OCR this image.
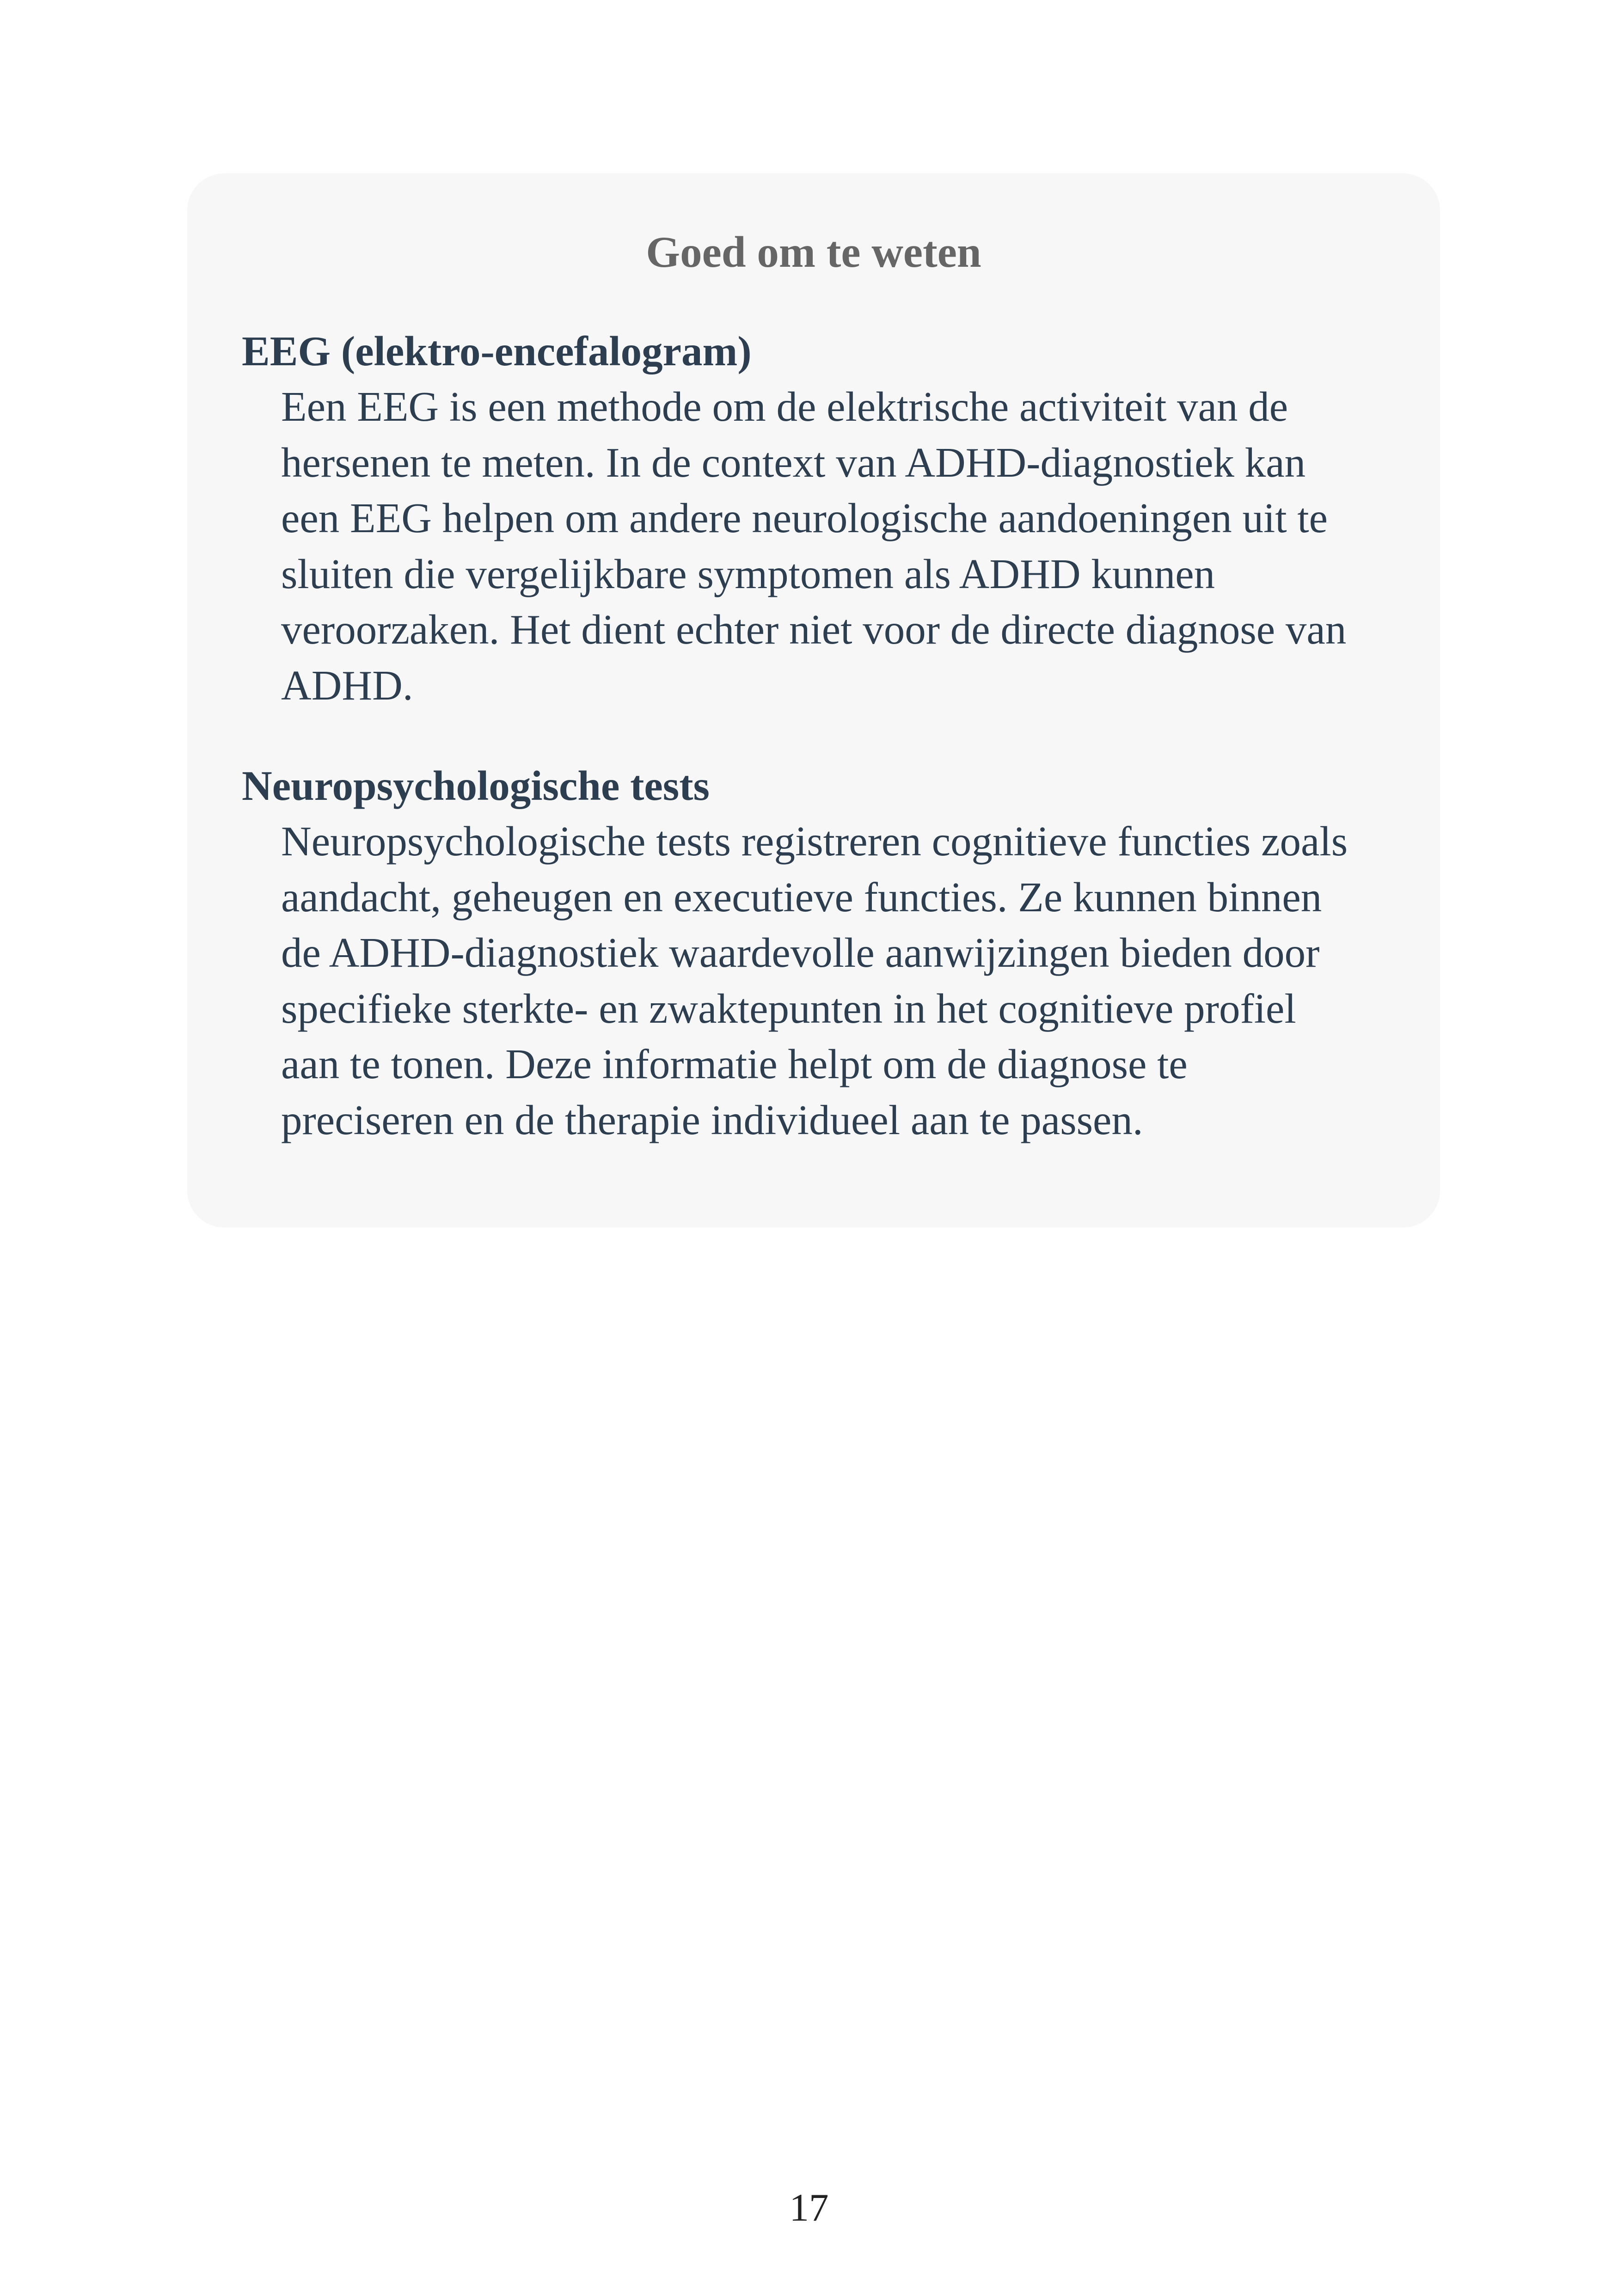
Goed om te weten
EEG (elektro-encefalogram)
Een EEG is een methode om de elektrische activiteit van de
hersenen te meten. In de context van ADHD-diagnostiek kan
een EEG helpen om andere neurologische aandoeningen uit te
sluiten die vergelijkbare symptomen als ADHD kunnen
veroorzaken. Het dient echter niet voor de directe diagnose van
ADHD.
Neuropsychologische tests
Neuropsychologische tests registreren cognitieve functies zoals
aandacht, geheugen en executieve functies. Ze kunnen binnen
de ADHD-diagnostiek waardevolle aanwijzingen bieden door
specifieke sterkte- en zwaktepunten in het cognitieve profiel
aan te tonen. Deze informatie helpt om de diagnose te
preciseren en de therapie individueel aan te passen.
17
